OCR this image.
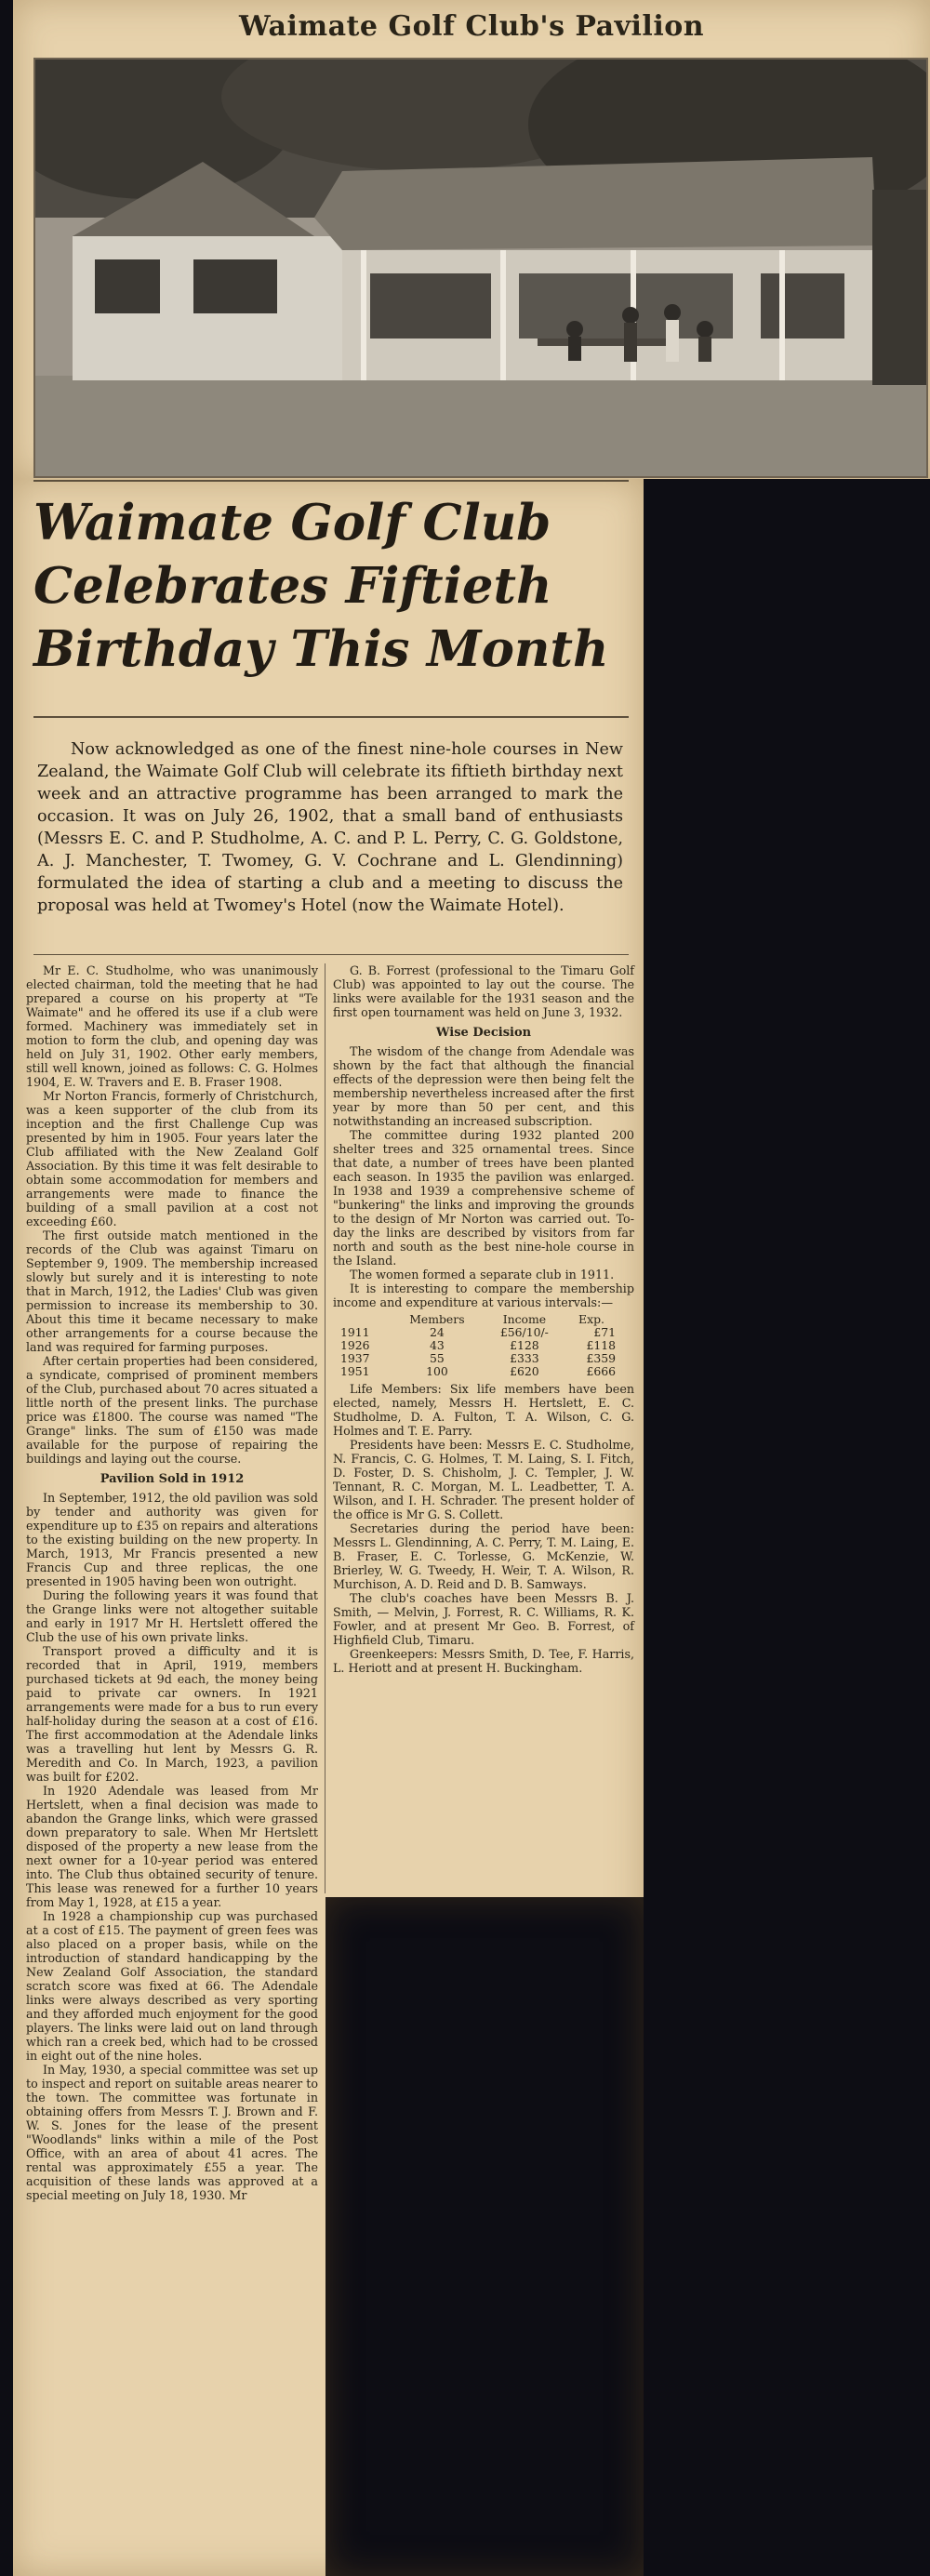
Waimate Golf Club's Pavilion
Waimate Golf Club
Celebrates Fiftieth
Birthday This Month
Now acknowledged as one of the finest nine-hole courses in New Zealand, the Waimate Golf Club will celebrate its fiftieth birthday next week and an attractive programme has been arranged to mark the occasion. It was on July 26, 1902, that a small band of enthusiasts (Messrs E. C. and P. Studholme, A. C. and P. L. Perry, C. G. Goldstone, A. J. Manchester, T. Twomey, G. V. Cochrane and L. Glendinning) formulated the idea of starting a club and a meeting to discuss the proposal was held at Twomey's Hotel (now the Waimate Hotel).

Mr E. C. Studholme, who was unanimously elected chairman, told the meeting that he had prepared a course on his property at "Te Waimate" and he offered its use if a club were formed. Machinery was immediately set in motion to form the club, and opening day was held on July 31, 1902. Other early members, still well known, joined as follows: C. G. Holmes 1904, E. W. Travers and E. B. Fraser 1908.

Mr Norton Francis, formerly of Christchurch, was a keen supporter of the club from its inception and the first Challenge Cup was presented by him in 1905. Four years later the Club affiliated with the New Zealand Golf Association. By this time it was felt desirable to obtain some accommodation for members and arrangements were made to finance the building of a small pavilion at a cost not exceeding £60.

The first outside match mentioned in the records of the Club was against Timaru on September 9, 1909. The membership increased slowly but surely and it is interesting to note that in March, 1912, the Ladies' Club was given permission to increase its membership to 30. About this time it became necessary to make other arrangements for a course because the land was required for farming purposes.

After certain properties had been considered, a syndicate, comprised of prominent members of the Club, purchased about 70 acres situated a little north of the present links. The purchase price was £1800. The course was named "The Grange" links. The sum of £150 was made available for the purpose of repairing the buildings and laying out the course.

Pavilion Sold in 1912

In September, 1912, the old pavilion was sold by tender and authority was given for expenditure up to £35 on repairs and alterations to the existing building on the new property. In March, 1913, Mr Francis presented a new Francis Cup and three replicas, the one presented in 1905 having been won outright.

During the following years it was found that the Grange links were not altogether suitable and early in 1917 Mr H. Hertslett offered the Club the use of his own private links.

Transport proved a difficulty and it is recorded that in April, 1919, members purchased tickets at 9d each, the money being paid to private car owners. In 1921 arrangements were made for a bus to run every half-holiday during the season at a cost of £16. The first accommodation at the Adendale links was a travelling hut lent by Messrs G. R. Meredith and Co. In March, 1923, a pavilion was built for £202.

In 1920 Adendale was leased from Mr Hertslett, when a final decision was made to abandon the Grange links, which were grassed down preparatory to sale. When Mr Hertslett disposed of the property a new lease from the next owner for a 10-year period was entered into. The Club thus obtained security of tenure. This lease was renewed for a further 10 years from May 1, 1928, at £15 a year.

In 1928 a championship cup was purchased at a cost of £15. The payment of green fees was also placed on a proper basis, while on the introduction of standard handicapping by the New Zealand Golf Association, the standard scratch score was fixed at 66. The Adendale links were always described as very sporting and they afforded much enjoyment for the good players. The links were laid out on land through which ran a creek bed, which had to be crossed in eight out of the nine holes.

In May, 1930, a special committee was set up to inspect and report on suitable areas nearer to the town. The committee was fortunate in obtaining offers from Messrs T. J. Brown and F. W. S. Jones for the lease of the present "Woodlands" links within a mile of the Post Office, with an area of about 41 acres. The rental was approximately £55 a year. The acquisition of these lands was approved at a special meeting on July 18, 1930. Mr

G. B. Forrest (professional to the Timaru Golf Club) was appointed to lay out the course. The links were available for the 1931 season and the first open tournament was held on June 3, 1932.

Wise Decision

The wisdom of the change from Adendale was shown by the fact that although the financial effects of the depression were then being felt the membership nevertheless increased after the first year by more than 50 per cent, and this notwithstanding an increased subscription.

The committee during 1932 planted 200 shelter trees and 325 ornamental trees. Since that date, a number of trees have been planted each season. In 1935 the pavilion was enlarged. In 1938 and 1939 a comprehensive scheme of "bunkering" the links and improving the grounds to the design of Mr Norton was carried out. To-day the links are described by visitors from far north and south as the best nine-hole course in the Island.

The women formed a separate club in 1911.

It is interesting to compare the membership income and expenditure at various intervals:—

	Members	Income	Exp.
1911	24	£56/10/-	£71
1926	43	£128	£118
1937	55	£333	£359
1951	100	£620	£666

Life Members: Six life members have been elected, namely, Messrs H. Hertslett, E. C. Studholme, D. A. Fulton, T. A. Wilson, C. G. Holmes and T. E. Parry.

Presidents have been: Messrs E. C. Studholme, N. Francis, C. G. Holmes, T. M. Laing, S. I. Fitch, D. Foster, D. S. Chisholm, J. C. Templer, J. W. Tennant, R. C. Morgan, M. L. Leadbetter, T. A. Wilson, and I. H. Schrader. The present holder of the office is Mr G. S. Collett.

Secretaries during the period have been: Messrs L. Glendinning, A. C. Perry, T. M. Laing, E. B. Fraser, E. C. Torlesse, G. McKenzie, W. Brierley, W. G. Tweedy, H. Weir, T. A. Wilson, R. Murchison, A. D. Reid and D. B. Samways.

The club's coaches have been Messrs B. J. Smith, — Melvin, J. Forrest, R. C. Williams, R. K. Fowler, and at present Mr Geo. B. Forrest, of Highfield Club, Timaru.

Greenkeepers: Messrs Smith, D. Tee, F. Harris, L. Heriott and at present H. Buckingham.
